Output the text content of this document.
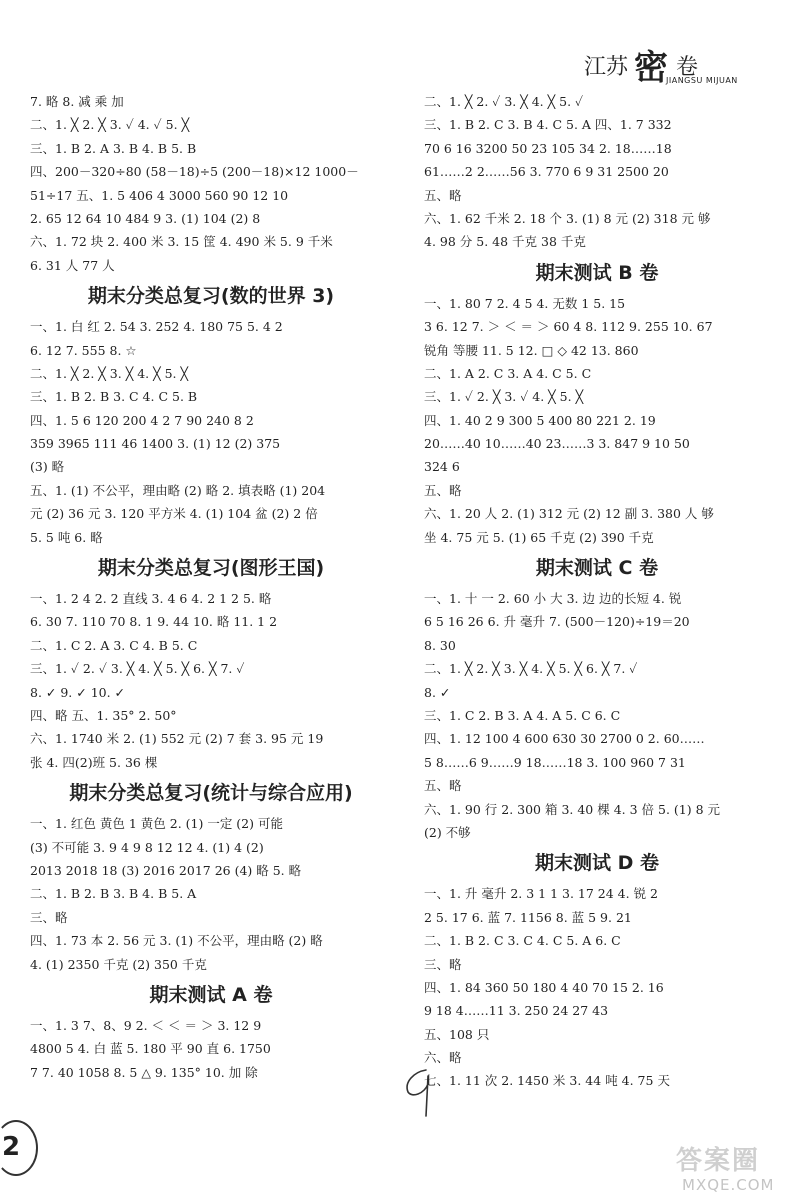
江苏 密 卷
JIANGSU MIJUAN
7. 略 8. 减 乘 加
二、1. ╳ 2. ╳ 3. ✓ 4. ✓ 5. ╳
三、1. B 2. A 3. B 4. B 5. B
四、200－320÷80 (58－18)÷5 (200－18)×12 1000－
51÷17 五、1. 5 406 4 3000 560 90 12 10
2. 65 12 64 10 484 9 3. (1) 104 (2) 8
六、1. 72 块 2. 400 米 3. 15 筐 4. 490 米 5. 9 千米
6. 31 人 77 人
期末分类总复习(数的世界 3)
一、1. 白 红 2. 54 3. 252 4. 180 75 5. 4 2
6. 12 7. 555 8. ☆
二、1. ╳ 2. ╳ 3. ╳ 4. ╳ 5. ╳
三、1. B 2. B 3. C 4. C 5. B
四、1. 5 6 120 200 4 2 7 90 240 8 2
359 3965 111 46 1400 3. (1) 12 (2) 375
(3) 略
五、1. (1) 不公平，理由略 (2) 略 2. 填表略 (1) 204
元 (2) 36 元 3. 120 平方米 4. (1) 104 盆 (2) 2 倍
5. 5 吨 6. 略
期末分类总复习(图形王国)
一、1. 2 4 2. 2 直线 3. 4 6 4. 2 1 2 5. 略
6. 30 7. 110 70 8. 1 9. 44 10. 略 11. 1 2
二、1. C 2. A 3. C 4. B 5. C
三、1. ✓ 2. ✓ 3. ╳ 4. ╳ 5. ╳ 6. ╳ 7. ✓
8. ✓ 9. ✓ 10. ✓
四、略 五、1. 35° 2. 50°
六、1. 1740 米 2. (1) 552 元 (2) 7 套 3. 95 元 19
张 4. 四(2)班 5. 36 棵
期末分类总复习(统计与综合应用)
一、1. 红色 黄色 1 黄色 2. (1) 一定 (2) 可能
(3) 不可能 3. 9 4 9 8 12 12 4. (1) 4 (2)
2013 2018 18 (3) 2016 2017 26 (4) 略 5. 略
二、1. B 2. B 3. B 4. B 5. A
三、略
四、1. 73 本 2. 56 元 3. (1) 不公平，理由略 (2) 略
4. (1) 2350 千克 (2) 350 千克
期末测试 A 卷
一、1. 3 7、8、9 2. ＜ ＜ ＝ ＞ 3. 12 9
4800 5 4. 白 蓝 5. 180 平 90 直 6. 1750
7 7. 40 1058 8. 5 △ 9. 135° 10. 加 除
二、1. ╳ 2. ✓ 3. ╳ 4. ╳ 5. ✓
三、1. B 2. C 3. B 4. C 5. A 四、1. 7 332
70 6 16 3200 50 23 105 34 2. 18……18
61……2 2……56 3. 770 6 9 31 2500 20
五、略
六、1. 62 千米 2. 18 个 3. (1) 8 元 (2) 318 元 够
4. 98 分 5. 48 千克 38 千克
期末测试 B 卷
一、1. 80 7 2. 4 5 4. 无数 1 5. 15
3 6. 12 7. ＞ ＜ ＝ ＞ 60 4 8. 112 9. 255 10. 67
锐角 等腰 11. 5 12. □ ◇ 42 13. 860
二、1. A 2. C 3. A 4. C 5. C
三、1. ✓ 2. ╳ 3. ✓ 4. ╳ 5. ╳
四、1. 40 2 9 300 5 400 80 221 2. 19
20……40 10……40 23……3 3. 847 9 10 50
324 6
五、略
六、1. 20 人 2. (1) 312 元 (2) 12 副 3. 380 人 够
坐 4. 75 元 5. (1) 65 千克 (2) 390 千克
期末测试 C 卷
一、1. 十 一 2. 60 小 大 3. 边 边的长短 4. 锐
6 5 16 26 6. 升 毫升 7. (500－120)÷19＝20
8. 30
二、1. ╳ 2. ╳ 3. ╳ 4. ╳ 5. ╳ 6. ╳ 7. ✓
8. ✓
三、1. C 2. B 3. A 4. A 5. C 6. C
四、1. 12 100 4 600 630 30 2700 0 2. 60……
5 8……6 9……9 18……18 3. 100 960 7 31
五、略
六、1. 90 行 2. 300 箱 3. 40 棵 4. 3 倍 5. (1) 8 元
(2) 不够
期末测试 D 卷
一、1. 升 毫升 2. 3 1 1 3. 17 24 4. 锐 2
2 5. 17 6. 蓝 7. 1156 8. 蓝 5 9. 21
二、1. B 2. C 3. C 4. C 5. A 6. C
三、略
四、1. 84 360 50 180 4 40 70 15 2. 16
9 18 4……11 3. 250 24 27 43
五、108 只
六、略
七、1. 11 次 2. 1450 米 3. 44 吨 4. 75 天
2	答案圈
MXQE.COM
